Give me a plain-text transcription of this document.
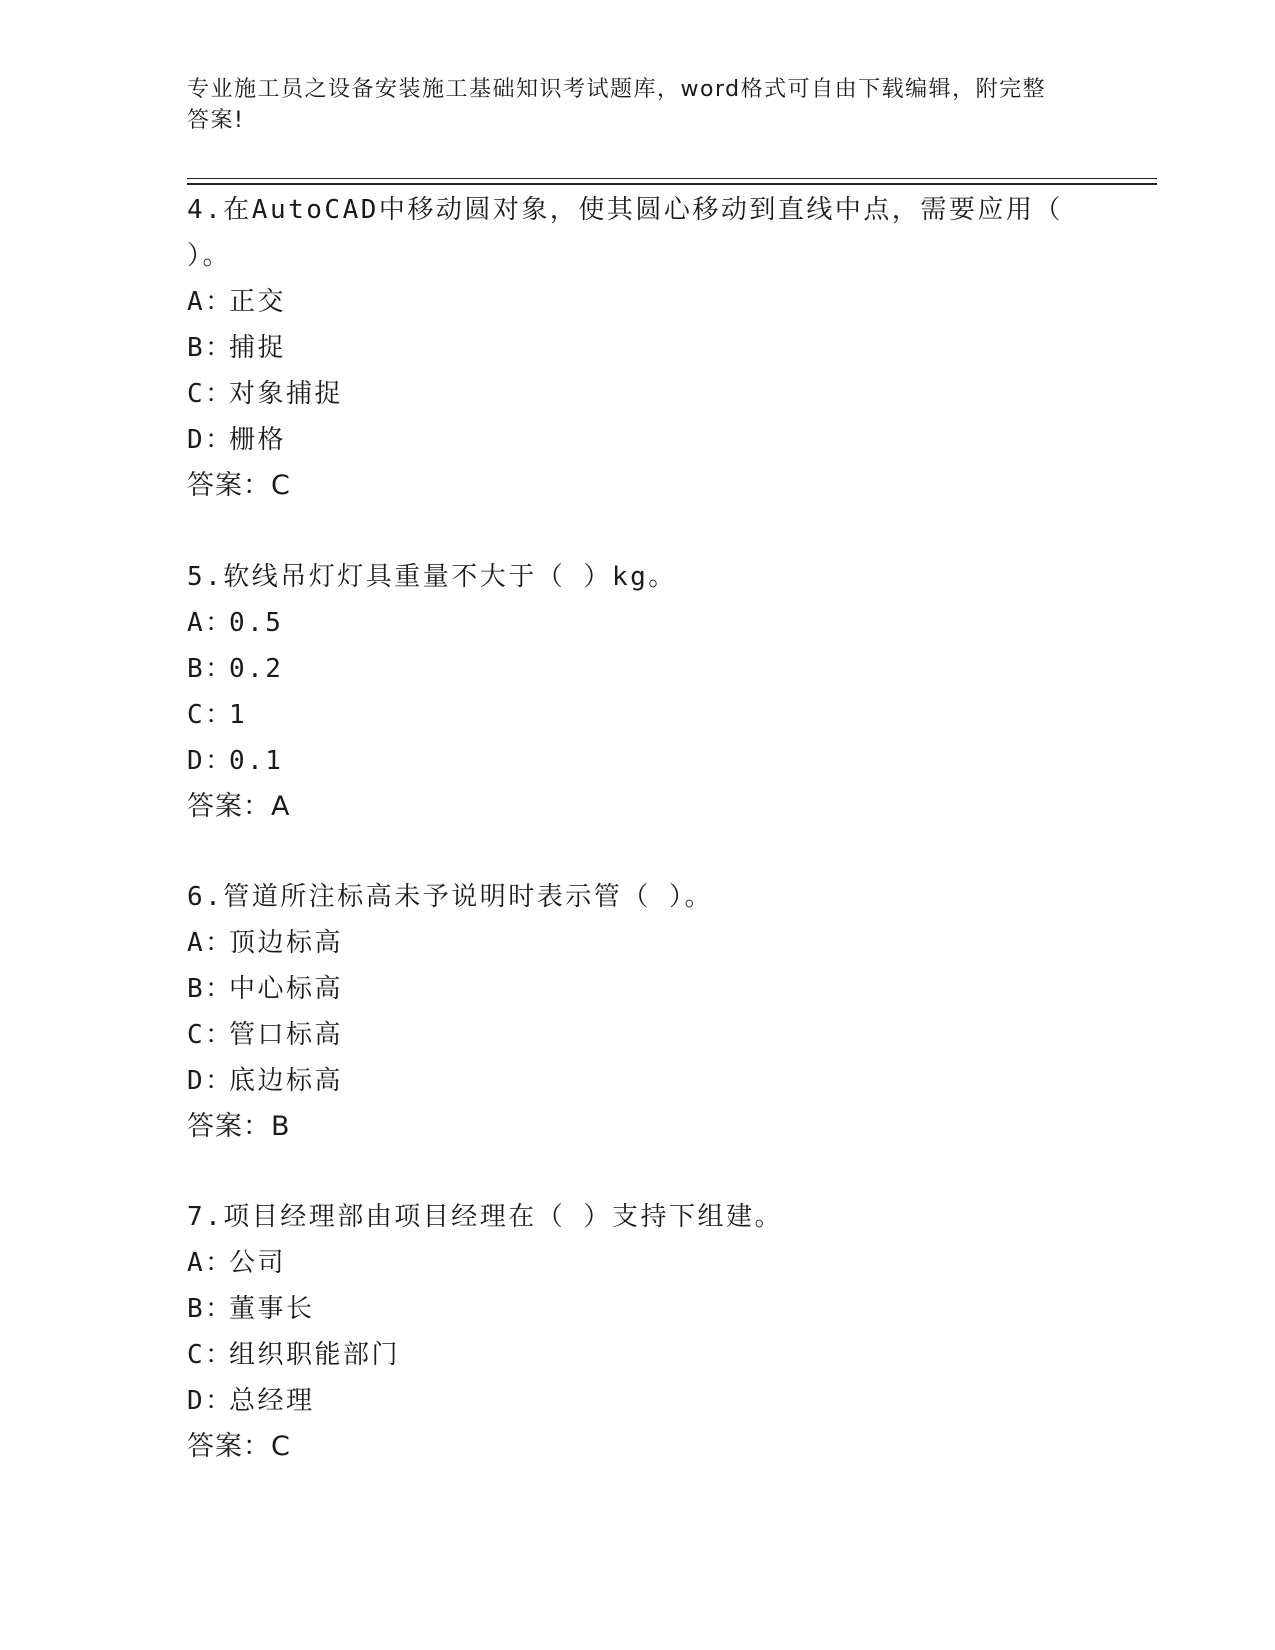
专业施工员之设备安装施工基础知识考试题库，word格式可自由下载编辑，附完整答案!
4.在AutoCAD中移动圆对象，使其圆心移动到直线中点，需要应用（ ）。
A：正交
B：捕捉
C：对象捕捉
D：栅格
答案：C
5.软线吊灯灯具重量不大于（ ）kg。
A：0.5
B：0.2
C：1
D：0.1
答案：A
6.管道所注标高未予说明时表示管（ ）。
A：顶边标高
B：中心标高
C：管口标高
D：底边标高
答案：B
7.项目经理部由项目经理在（ ）支持下组建。
A：公司
B：董事长
C：组织职能部门
D：总经理
答案：C
